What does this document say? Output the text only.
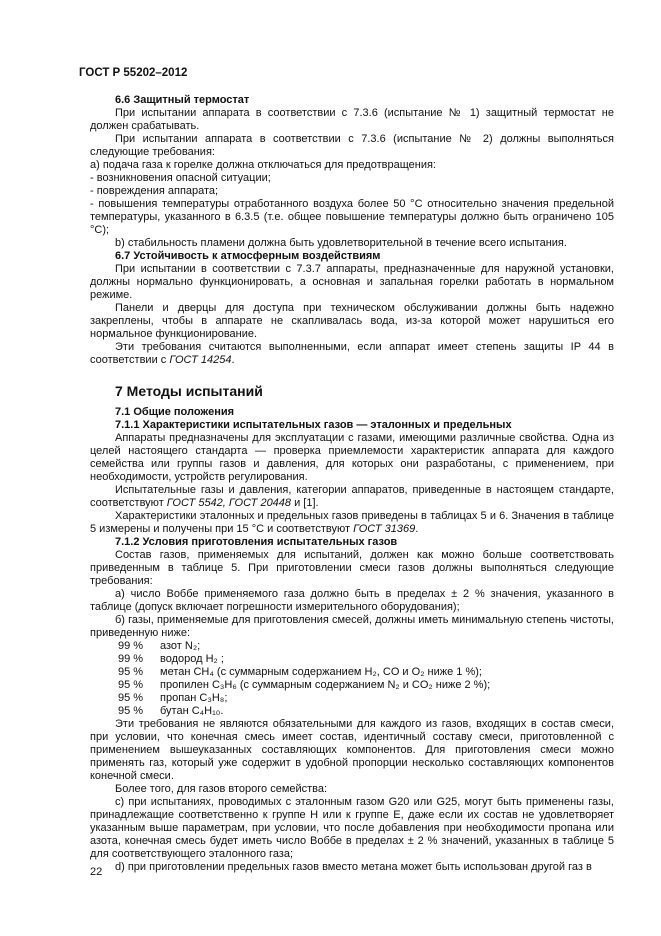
ГОСТ Р 55202–2012

6.6 Защитный термостат

При испытании аппарата в соответствии с 7.3.6 (испытание № 1) защитный термостат не должен срабатывать.

При испытании аппарата в соответствии с 7.3.6 (испытание № 2) должны выполняться следующие требования:

а) подача газа к горелке должна отключаться для предотвращения:

- возникновения опасной ситуации;

- повреждения аппарата;

- повышения температуры отработанного воздуха более 50 °С относительно значения предельной температуры, указанного в 6.3.5 (т.е. общее повышение температуры должно быть ограничено 105 °С);

b) стабильность пламени должна быть удовлетворительной в течение всего испытания.

6.7 Устойчивость к атмосферным воздействиям

При испытании в соответствии с 7.3.7 аппараты, предназначенные для наружной установки, должны нормально функционировать, а основная и запальная горелки работать в нормальном режиме.

Панели и дверцы для доступа при техническом обслуживании должны быть надежно закреплены, чтобы в аппарате не скапливалась вода, из-за которой может нарушиться его нормальное функционирование.

Эти требования считаются выполненными, если аппарат имеет степень защиты IP 44 в соответствии с ГОСТ 14254.

7 Методы испытаний

7.1 Общие положения

7.1.1 Характеристики испытательных газов — эталонных и предельных

Аппараты предназначены для эксплуатации с газами, имеющими различные свойства. Одна из целей настоящего стандарта — проверка приемлемости характеристик аппарата для каждого семейства или группы газов и давления, для которых они разработаны, с применением, при необходимости, устройств регулирования.

Испытательные газы и давления, категории аппаратов, приведенные в настоящем стандарте, соответствуют ГОСТ 5542, ГОСТ 20448 и [1].

Характеристики эталонных и предельных газов приведены в таблицах 5 и 6. Значения в таблице 5 измерены и получены при 15 °С и соответствуют ГОСТ 31369.

7.1.2 Условия приготовления испытательных газов

Состав газов, применяемых для испытаний, должен как можно больше соответствовать приведенным в таблице 5. При приготовлении смеси газов должны выполняться следующие требования:

а) число Воббе применяемого газа должно быть в пределах ± 2 % значения, указанного в таблице (допуск включает погрешности измерительного оборудования);

б) газы, применяемые для приготовления смесей, должны иметь минимальную степень чистоты, приведенную ниже:

99 %	азот N₂;
99 %	водород H₂ ;
95 %	метан CH₄ (с суммарным содержанием H₂, CO и O₂ ниже 1 %);
95 %	пропилен C₃H₆ (с суммарным содержанием N₂ и CO₂ ниже 2 %);
95 %	пропан C₃H₈;
95 %	бутан C₄H₁₀.

Эти требования не являются обязательными для каждого из газов, входящих в состав смеси, при условии, что конечная смесь имеет состав, идентичный составу смеси, приготовленной с применением вышеуказанных составляющих компонентов. Для приготовления смеси можно применять газ, который уже содержит в удобной пропорции несколько составляющих компонентов конечной смеси.

Более того, для газов второго семейства:

с) при испытаниях, проводимых с эталонным газом G20 или G25, могут быть применены газы, принадлежащие соответственно к группе H или к группе E, даже если их состав не удовлетворяет указанным выше параметрам, при условии, что после добавления при необходимости пропана или азота, конечная смесь будет иметь число Воббе в пределах ± 2 % значений, указанных в таблице 5 для соответствующего эталонного газа;

d) при приготовлении предельных газов вместо метана может быть использован другой газ в

22
